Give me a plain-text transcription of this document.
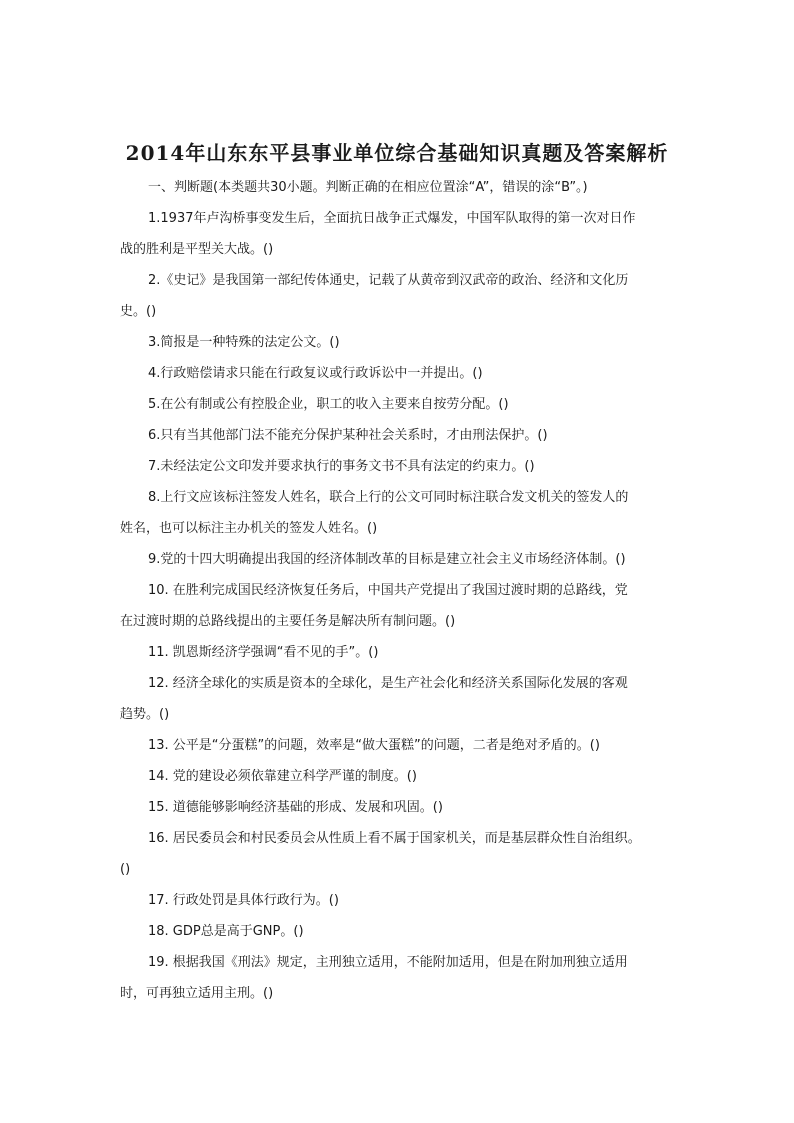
2014年山东东平县事业单位综合基础知识真题及答案解析
一、判断题(本类题共30小题。判断正确的在相应位置涂“A”，错误的涂“B”。)
1.1937年卢沟桥事变发生后，全面抗日战争正式爆发，中国军队取得的第一次对日作
战的胜利是平型关大战。()
2.《史记》是我国第一部纪传体通史，记载了从黄帝到汉武帝的政治、经济和文化历
史。()
3.简报是一种特殊的法定公文。()
4.行政赔偿请求只能在行政复议或行政诉讼中一并提出。()
5.在公有制或公有控股企业，职工的收入主要来自按劳分配。()
6.只有当其他部门法不能充分保护某种社会关系时，才由刑法保护。()
7.未经法定公文印发并要求执行的事务文书不具有法定的约束力。()
8.上行文应该标注签发人姓名，联合上行的公文可同时标注联合发文机关的签发人的
姓名，也可以标注主办机关的签发人姓名。()
9.党的十四大明确提出我国的经济体制改革的目标是建立社会主义市场经济体制。()
10. 在胜利完成国民经济恢复任务后，中国共产党提出了我国过渡时期的总路线，党
在过渡时期的总路线提出的主要任务是解决所有制问题。()
11. 凯恩斯经济学强调“看不见的手”。()
12. 经济全球化的实质是资本的全球化，是生产社会化和经济关系国际化发展的客观
趋势。()
13. 公平是“分蛋糕”的问题，效率是“做大蛋糕”的问题，二者是绝对矛盾的。()
14. 党的建设必须依靠建立科学严谨的制度。()
15. 道德能够影响经济基础的形成、发展和巩固。()
16. 居民委员会和村民委员会从性质上看不属于国家机关，而是基层群众性自治组织。
()
17. 行政处罚是具体行政行为。()
18. GDP总是高于GNP。()
19. 根据我国《刑法》规定，主刑独立适用，不能附加适用，但是在附加刑独立适用
时，可再独立适用主刑。()
